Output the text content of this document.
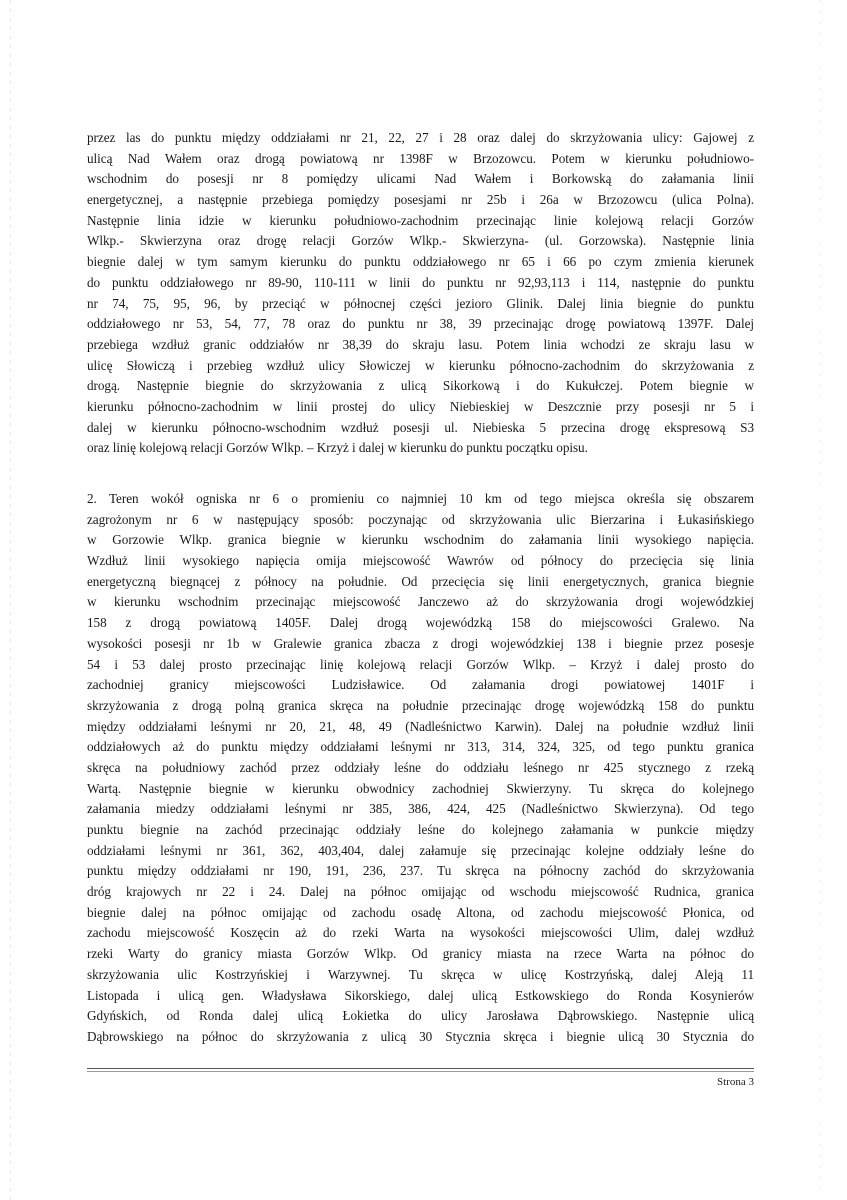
przez las do punktu między oddziałami nr 21, 22, 27 i 28 oraz dalej do skrzyżowania ulicy: Gajowej z
ulicą Nad Wałem oraz drogą powiatową nr 1398F w Brzozowcu. Potem w kierunku południowo-
wschodnim do posesji nr 8 pomiędzy ulicami Nad Wałem i Borkowską do załamania linii
energetycznej, a następnie przebiega pomiędzy posesjami nr 25b i 26a w Brzozowcu (ulica Polna).
Następnie linia idzie w kierunku południowo-zachodnim przecinając linie kolejową relacji Gorzów
Wlkp.- Skwierzyna oraz drogę relacji Gorzów Wlkp.- Skwierzyna- (ul. Gorzowska). Następnie linia
biegnie dalej w tym samym kierunku do punktu oddziałowego nr 65 i 66 po czym zmienia kierunek
do punktu oddziałowego nr 89-90, 110-111 w linii do punktu nr 92,93,113 i 114, następnie do punktu
nr 74, 75, 95, 96, by przeciąć w północnej części jezioro Glinik. Dalej linia biegnie do punktu
oddziałowego nr 53, 54, 77, 78 oraz do punktu nr 38, 39 przecinając drogę powiatową 1397F. Dalej
przebiega wzdłuż granic oddziałów nr 38,39 do skraju lasu. Potem linia wchodzi ze skraju lasu w
ulicę Słowiczą i przebieg wzdłuż ulicy Słowiczej w kierunku północno-zachodnim do skrzyżowania z
drogą. Następnie biegnie do skrzyżowania z ulicą Sikorkową i do Kukułczej. Potem biegnie w
kierunku północno-zachodnim w linii prostej do ulicy Niebieskiej w Deszcznie przy posesji nr 5 i
dalej w kierunku północno-wschodnim wzdłuż posesji ul. Niebieska 5 przecina drogę ekspresową S3
oraz linię kolejową relacji Gorzów Wlkp. – Krzyż i dalej w kierunku do punktu początku opisu.
2. Teren wokół ogniska nr 6 o promieniu co najmniej 10 km od tego miejsca określa się obszarem
zagrożonym nr 6 w następujący sposób: poczynając od skrzyżowania ulic Bierzarina i Łukasińskiego
w Gorzowie Wlkp. granica biegnie w kierunku wschodnim do załamania linii wysokiego napięcia.
Wzdłuż linii wysokiego napięcia omija miejscowość Wawrów od północy do przecięcia się linia
energetyczną biegnącej z północy na południe. Od przecięcia się linii energetycznych, granica biegnie
w kierunku wschodnim przecinając miejscowość Janczewo aż do skrzyżowania drogi wojewódzkiej
158 z drogą powiatową 1405F. Dalej drogą wojewódzką 158 do miejscowości Gralewo. Na
wysokości posesji nr 1b w Gralewie granica zbacza z drogi wojewódzkiej 138 i biegnie przez posesje
54 i 53 dalej prosto przecinając linię kolejową relacji Gorzów Wlkp. – Krzyż i dalej prosto do
zachodniej granicy miejscowości Ludzisławice. Od załamania drogi powiatowej 1401F i
skrzyżowania z drogą polną granica skręca na południe przecinając drogę wojewódzką 158 do punktu
między oddziałami leśnymi nr 20, 21, 48, 49 (Nadleśnictwo Karwin). Dalej na południe wzdłuż linii
oddziałowych aż do punktu między oddziałami leśnymi nr 313, 314, 324, 325, od tego punktu granica
skręca na południowy zachód przez oddziały leśne do oddziału leśnego nr 425 stycznego z rzeką
Wartą. Następnie biegnie w kierunku obwodnicy zachodniej Skwierzyny. Tu skręca do kolejnego
załamania miedzy oddziałami leśnymi nr 385, 386, 424, 425 (Nadleśnictwo Skwierzyna). Od tego
punktu biegnie na zachód przecinając oddziały leśne do kolejnego załamania w punkcie między
oddziałami leśnymi nr 361, 362, 403,404, dalej załamuje się przecinając kolejne oddziały leśne do
punktu między oddziałami nr 190, 191, 236, 237. Tu skręca na północny zachód do skrzyżowania
dróg krajowych nr 22 i 24. Dalej na północ omijając od wschodu miejscowość Rudnica, granica
biegnie dalej na północ omijając od zachodu osadę Altona, od zachodu miejscowość Płonica, od
zachodu miejscowość Koszęcin aż do rzeki Warta na wysokości miejscowości Ulim, dalej wzdłuż
rzeki Warty do granicy miasta Gorzów Wlkp. Od granicy miasta na rzece Warta na północ do
skrzyżowania ulic Kostrzyńskiej i Warzywnej. Tu skręca w ulicę Kostrzyńską, dalej Aleją 11
Listopada i ulicą gen. Władysława Sikorskiego, dalej ulicą Estkowskiego do Ronda Kosynierów
Gdyńskich, od Ronda dalej ulicą Łokietka do ulicy Jarosława Dąbrowskiego. Następnie ulicą
Dąbrowskiego na północ do skrzyżowania z ulicą 30 Stycznia skręca i biegnie ulicą 30 Stycznia do
Strona 3
